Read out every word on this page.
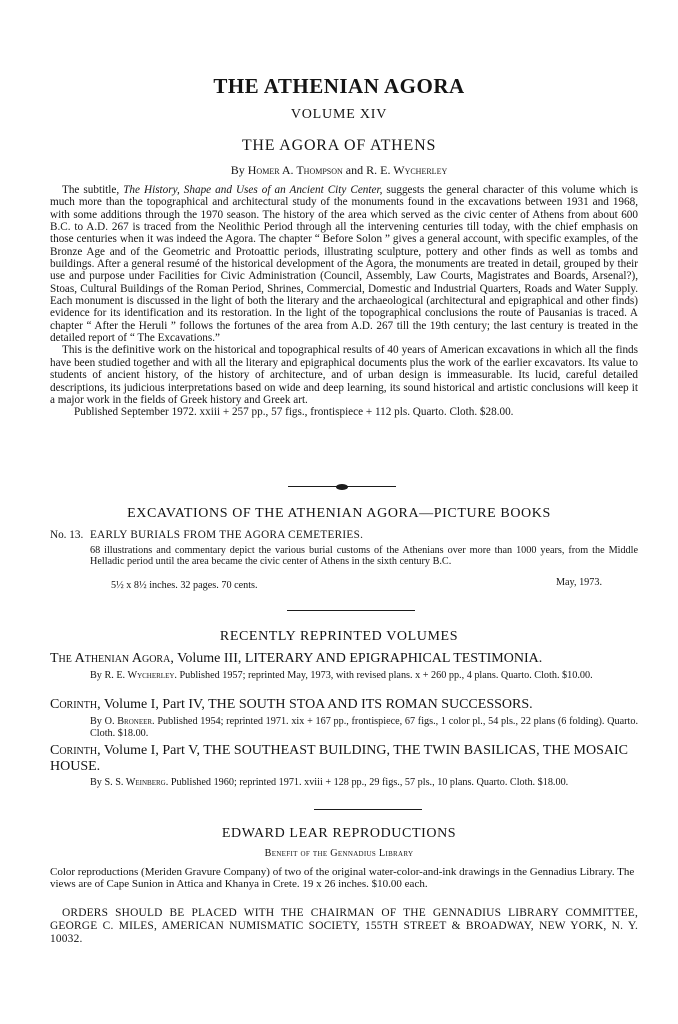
THE ATHENIAN AGORA
VOLUME XIV
THE AGORA OF ATHENS
By Homer A. Thompson and R. E. Wycherley

The subtitle, The History, Shape and Uses of an Ancient City Center, suggests the general character of this volume which is much more than the topographical and architectural study of the monuments found in the excavations between 1931 and 1968, with some additions through the 1970 season. The history of the area which served as the civic center of Athens from about 600 B.C. to A.D. 267 is traced from the Neolithic Period through all the intervening centuries till today, with the chief emphasis on those centuries when it was indeed the Agora. The chapter “ Before Solon ” gives a general account, with specific examples, of the Bronze Age and of the Geometric and Protoattic periods, illustrating sculpture, pottery and other finds as well as tombs and buildings. After a general resumé of the historical development of the Agora, the monuments are treated in detail, grouped by their use and purpose under Facilities for Civic Administration (Council, Assembly, Law Courts, Magistrates and Boards, Arsenal?), Stoas, Cultural Buildings of the Roman Period, Shrines, Commercial, Domestic and Industrial Quarters, Roads and Water Supply. Each monument is discussed in the light of both the literary and the archaeological (architectural and epigraphical and other finds) evidence for its identification and its restoration. In the light of the topographical conclusions the route of Pausanias is traced. A chapter “ After the Heruli ” follows the fortunes of the area from A.D. 267 till the 19th century; the last century is treated in the detailed report of “ The Excavations.”

This is the definitive work on the historical and topographical results of 40 years of American excavations in which all the finds have been studied together and with all the literary and epigraphical documents plus the work of the earlier excavators. Its value to students of ancient history, of the history of architecture, and of urban design is immeasurable. Its lucid, careful detailed descriptions, its judicious interpretations based on wide and deep learning, its sound historical and artistic conclusions will keep it a major work in the fields of Greek history and Greek art.

Published September 1972. xxiii + 257 pp., 57 figs., frontispiece + 112 pls. Quarto. Cloth. $28.00.

EXCAVATIONS OF THE ATHENIAN AGORA—PICTURE BOOKS
No. 13. EARLY BURIALS FROM THE AGORA CEMETERIES.
68 illustrations and commentary depict the various burial customs of the Athenians over more than 1000 years, from the Middle Helladic period until the area became the civic center of Athens in the sixth century B.C.
5½ x 8½ inches. 32 pages. 70 cents.	May, 1973.
RECENTLY REPRINTED VOLUMES
The Athenian Agora, Volume III, LITERARY AND EPIGRAPHICAL TESTIMONIA.
By R. E. Wycherley. Published 1957; reprinted May, 1973, with revised plans. x + 260 pp., 4 plans. Quarto. Cloth. $10.00.
Corinth, Volume I, Part IV, THE SOUTH STOA AND ITS ROMAN SUCCESSORS.
By O. Broneer. Published 1954; reprinted 1971. xix + 167 pp., frontispiece, 67 figs., 1 color pl., 54 pls., 22 plans (6 folding). Quarto. Cloth. $18.00.
Corinth, Volume I, Part V, THE SOUTHEAST BUILDING, THE TWIN BASILICAS, THE MOSAIC HOUSE.
By S. S. Weinberg. Published 1960; reprinted 1971. xviii + 128 pp., 29 figs., 57 pls., 10 plans. Quarto. Cloth. $18.00.
EDWARD LEAR REPRODUCTIONS
Benefit of the Gennadius Library
Color reproductions (Meriden Gravure Company) of two of the original water-color-and-ink drawings in the Gennadius Library. The views are of Cape Sunion in Attica and Khanya in Crete. 19 x 26 inches. $10.00 each.

ORDERS SHOULD BE PLACED WITH THE CHAIRMAN OF THE GENNADIUS LIBRARY COMMITTEE, GEORGE C. MILES, AMERICAN NUMISMATIC SOCIETY, 155TH STREET & BROADWAY, NEW YORK, N. Y. 10032.
